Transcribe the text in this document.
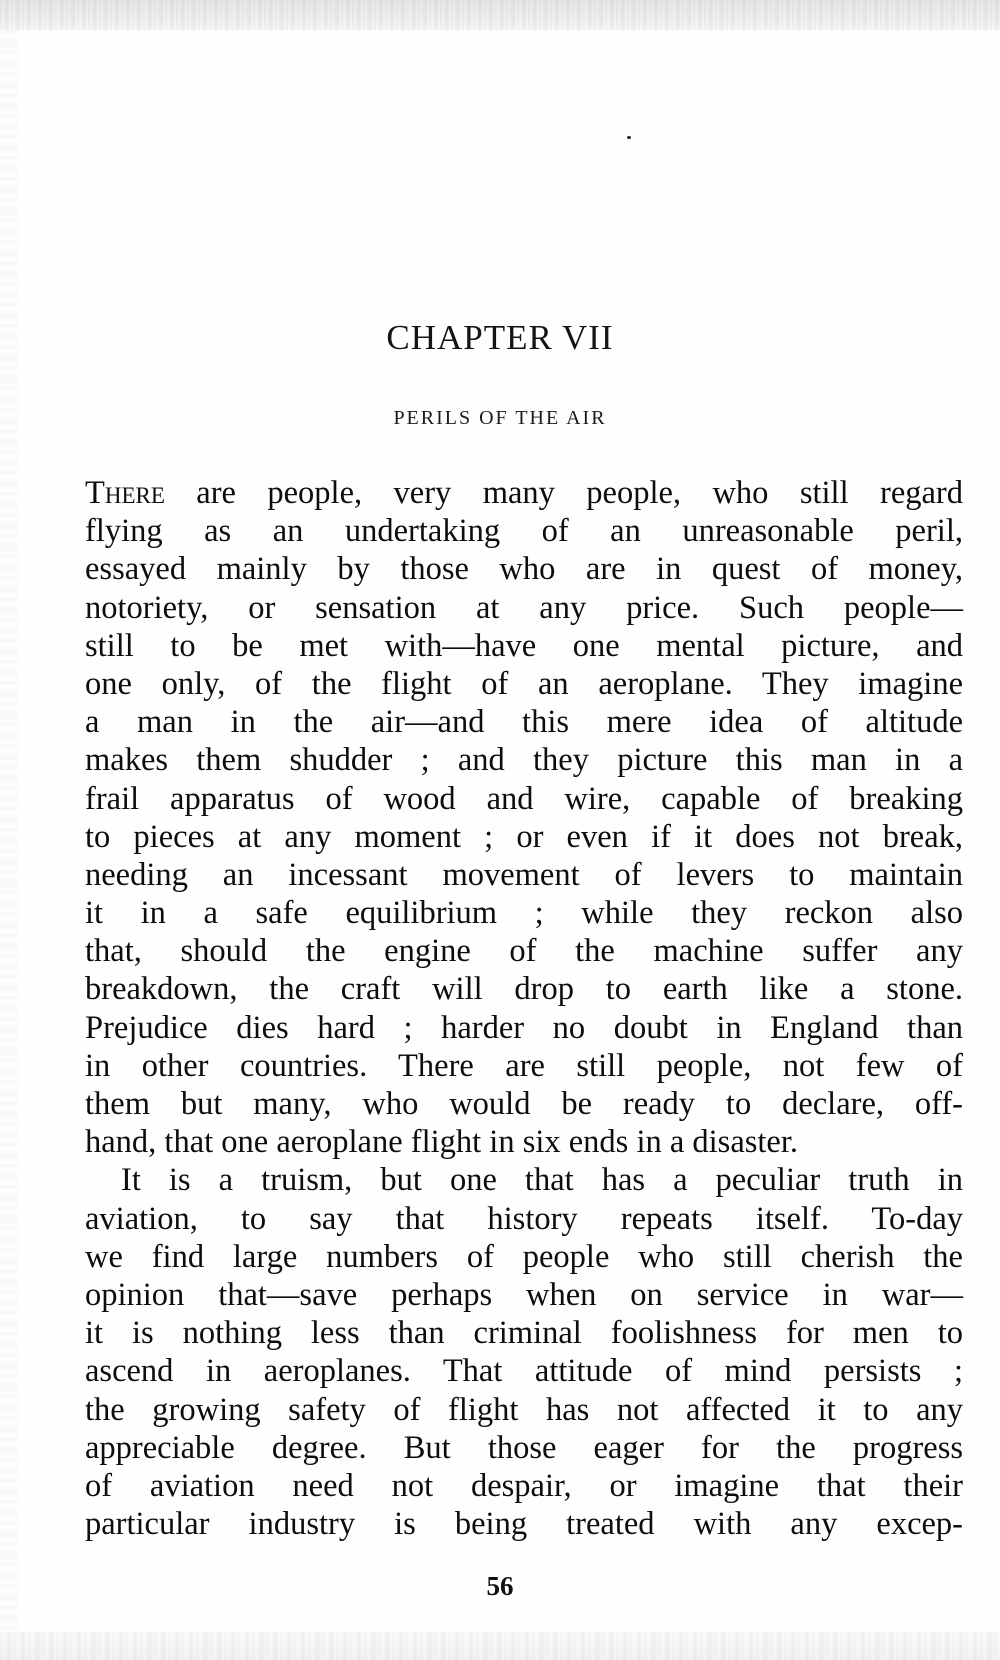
CHAPTER VII
PERILS OF THE AIR
There are people, very many people, who still regard
flying as an undertaking of an unreasonable peril,
essayed mainly by those who are in quest of money,
notoriety, or sensation at any price. Such people—
still to be met with—have one mental picture, and
one only, of the flight of an aeroplane. They imagine
a man in the air—and this mere idea of altitude
makes them shudder ; and they picture this man in a
frail apparatus of wood and wire, capable of breaking
to pieces at any moment ; or even if it does not break,
needing an incessant movement of levers to maintain
it in a safe equilibrium ; while they reckon also
that, should the engine of the machine suffer any
breakdown, the craft will drop to earth like a stone.
Prejudice dies hard ; harder no doubt in England than
in other countries. There are still people, not few of
them but many, who would be ready to declare, off-
hand, that one aeroplane flight in six ends in a disaster.
It is a truism, but one that has a peculiar truth in
aviation, to say that history repeats itself. To-day
we find large numbers of people who still cherish the
opinion that—save perhaps when on service in war—
it is nothing less than criminal foolishness for men to
ascend in aeroplanes. That attitude of mind persists ;
the growing safety of flight has not affected it to any
appreciable degree. But those eager for the progress
of aviation need not despair, or imagine that their
particular industry is being treated with any excep-
56
